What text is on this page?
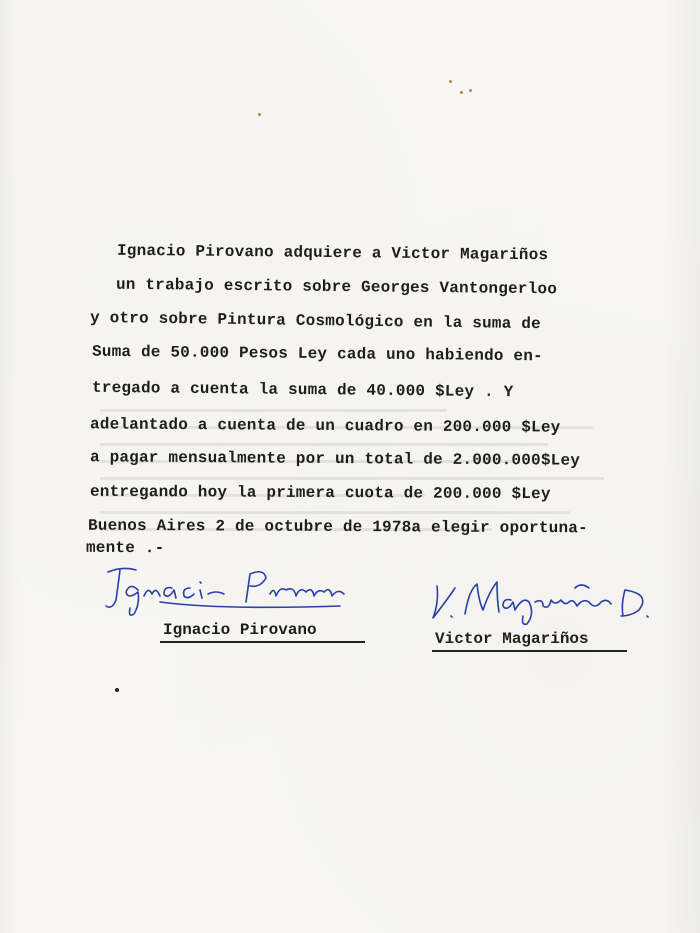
Ignacio Pirovano adquiere a Victor Magariños
un trabajo escrito sobre Georges Vantongerloo
y otro sobre Pintura Cosmológico en la suma de
Suma de 50.000 Pesos Ley cada uno habiendo en-
tregado a cuenta la suma de 40.000 $Ley . Y
adelantado a cuenta de un cuadro en 200.000 $Ley
a pagar mensualmente por un total de 2.000.000$Ley
entregando hoy la primera cuota de 200.000 $Ley
Buenos Aires 2 de octubre de 1978a elegir oportuna-
mente .-
Ignacio Pirovano	Victor Magariños
